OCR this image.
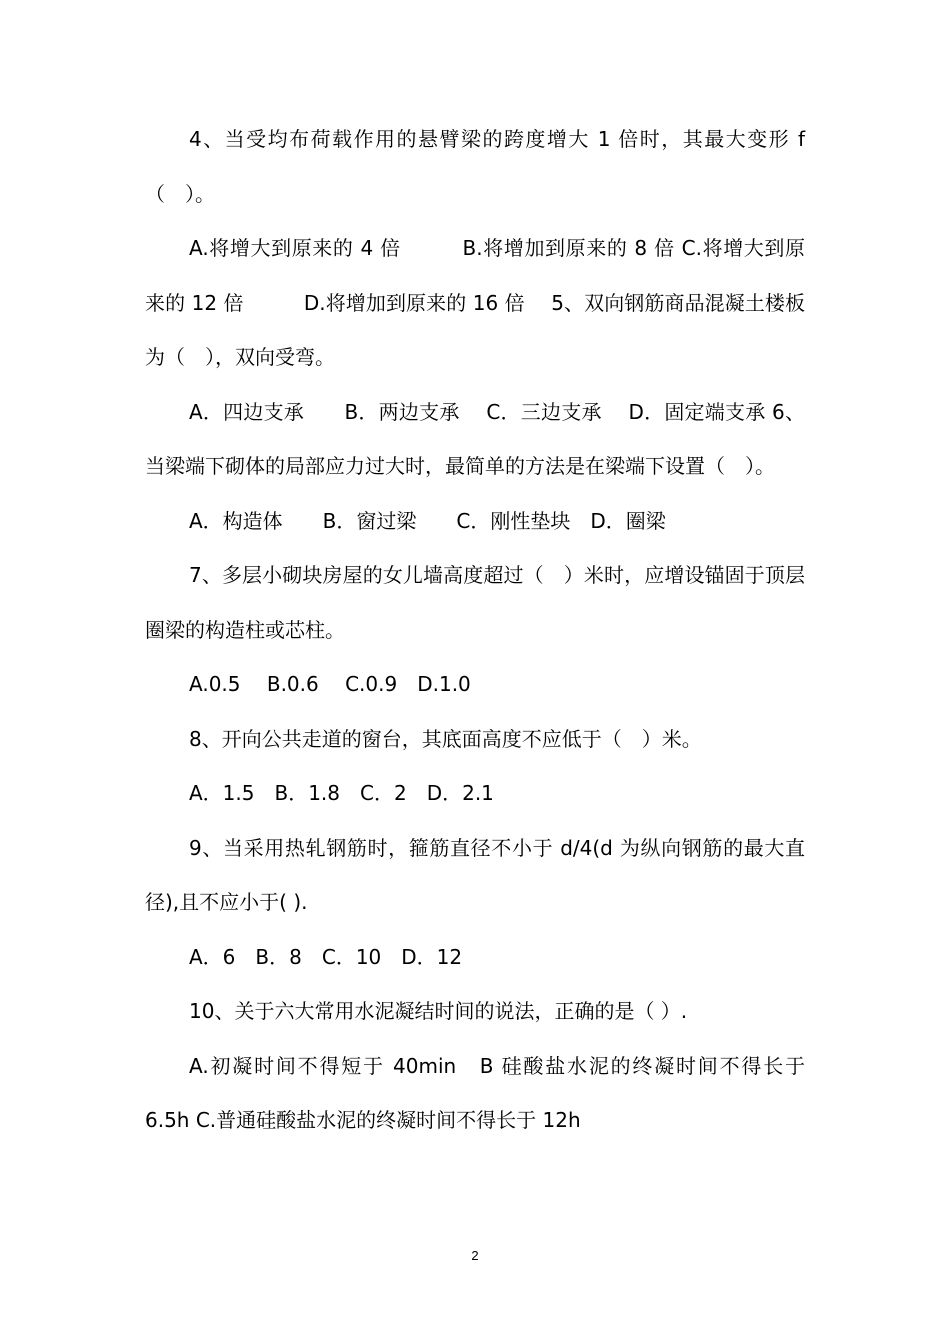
4、当受均布荷载作用的悬臂梁的跨度增大 1 倍时，其最大变形 f（　）。

A.将增大到原来的 4 倍　　　B.将增加到原来的 8 倍 C.将增大到原来的 12 倍　　　D.将增加到原来的 16 倍　 5、双向钢筋商品混凝土楼板为（　），双向受弯。

A．四边支承　　B．两边支承　 C．三边支承　 D．固定端支承 6、当梁端下砌体的局部应力过大时，最简单的方法是在梁端下设置（　）。

A．构造体　　B．窗过梁　　C．刚性垫块　D．圈梁

7、多层小砌块房屋的女儿墙高度超过（　）米时，应增设锚固于顶层圈梁的构造柱或芯柱。

A.0.5　 B.0.6　 C.0.9　D.1.0

8、开向公共走道的窗台，其底面高度不应低于（　）米。

A．1.5　B．1.8　C．2　D．2.1

9、当采用热轧钢筋时，箍筋直径不小于 d/4(d 为纵向钢筋的最大直径),且不应小于( ).

A．6　B．8　C．10　D．12

10、关于六大常用水泥凝结时间的说法，正确的是（ ）.

A.初凝时间不得短于 40min　B 硅酸盐水泥的终凝时间不得长于 6.5h C.普通硅酸盐水泥的终凝时间不得长于 12h

2
